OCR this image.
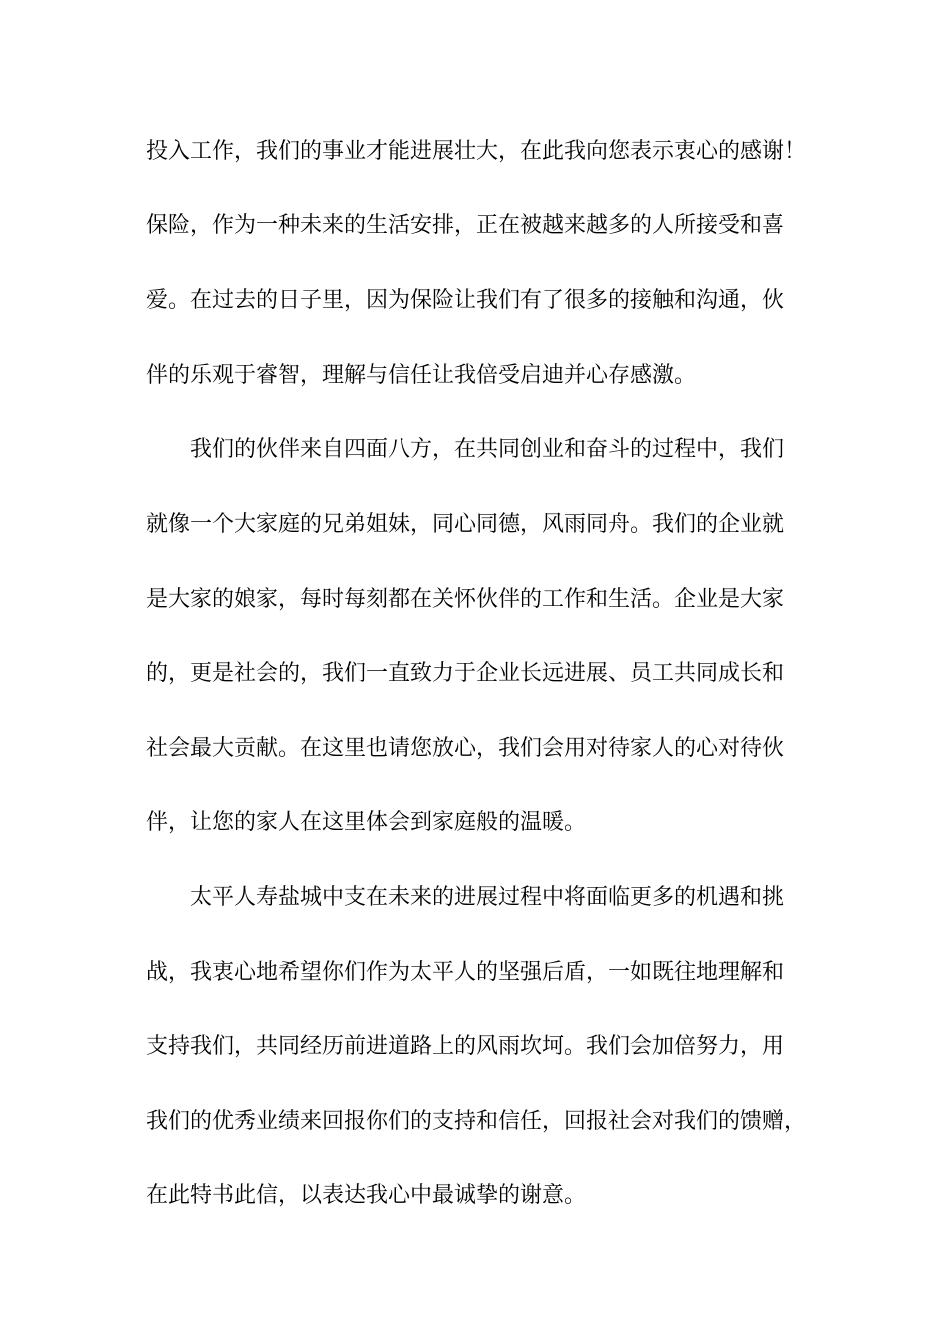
投入工作，我们的事业才能进展壮大，在此我向您表示衷心的感谢！
保险，作为一种未来的生活安排，正在被越来越多的人所接受和喜
爱。在过去的日子里，因为保险让我们有了很多的接触和沟通，伙
伴的乐观于睿智，理解与信任让我倍受启迪并心存感激。
我们的伙伴来自四面八方，在共同创业和奋斗的过程中，我们
就像一个大家庭的兄弟姐妹，同心同德，风雨同舟。我们的企业就
是大家的娘家，每时每刻都在关怀伙伴的工作和生活。企业是大家
的，更是社会的，我们一直致力于企业长远进展、员工共同成长和
社会最大贡献。在这里也请您放心，我们会用对待家人的心对待伙
伴，让您的家人在这里体会到家庭般的温暖。
太平人寿盐城中支在未来的进展过程中将面临更多的机遇和挑
战，我衷心地希望你们作为太平人的坚强后盾，一如既往地理解和
支持我们，共同经历前进道路上的风雨坎坷。我们会加倍努力，用
我们的优秀业绩来回报你们的支持和信任，回报社会对我们的馈赠，
在此特书此信，以表达我心中最诚挚的谢意。
